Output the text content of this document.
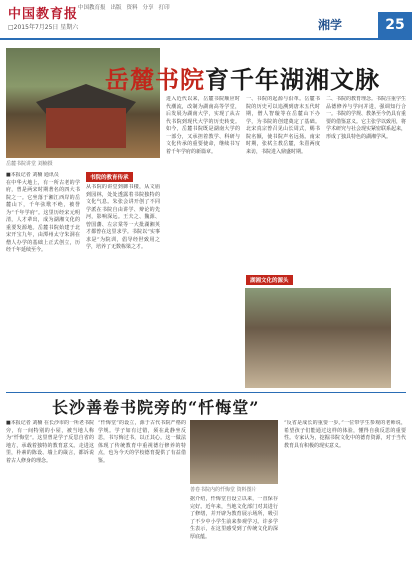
中国教育报
□2015年7月25日 星期六
中国教育报 出版 资料 分享 打印
湘学	25
岳麓书院讲堂 刘楠摄
岳麓书院育千年湖湘文脉
■本报记者 刘楠 通讯员
在中华大地上，有一所古老的学府，曾是两宋时期著名的四大书院之一。它坐落于湘江西岸的岳麓山下，千年弦歌不绝，被誉为“千年学府”。这里历经宋元明清，人才辈出，成为湖湘文化的重要发源地。岳麓书院始建于北宋开宝九年，由潭州太守朱洞在僧人办学的基础上正式创立，历经千年延续至今。
书院的教育传承
从书院的讲堂到御书楼，从文庙到园林，处处透露着书院独特的文化气息。朱张会讲开创了不同学派在书院自由讲学、辩论的先河，影响深远。王夫之、魏源、曾国藩、左宗棠等一大批湖湘英才都曾在这里求学。书院以“实事求是”为院训，倡导经世致用之学，培养了无数栋梁之才。
进入近代以来，岳麓书院顺应时代潮流，改制为湖南高等学堂，后发展为湖南大学，实现了从古代书院到现代大学的历史转变。如今，岳麓书院既是湖南大学的一部分，又承担着教学、科研与文化传承的重要使命，继续书写着千年学府的新篇章。
一、书院的起源与沿革。岳麓书院的历史可以追溯到唐末五代时期，僧人智璇等在岳麓山下办学，为书院的创建奠定了基础。北宋真宗曾召见山长周式，赐书院名额，使书院声名远扬。南宋时期，张栻主教岳麓，朱熹两度来访，书院进入鼎盛时期。
二、书院的教育理念。书院注重学生品德修养与学问并进，强调知行合一。书院的学规、教条至今仍具有重要的借鉴意义。它主张学以致用，将学术研究与社会现实紧密联系起来，形成了独具特色的湖湘学风。
湖湘文化的源头
长沙善卷书院旁的“忏悔堂”
■本报记者 刘楠 在长沙市的一所老书院旁，有一间特别的小屋，被当地人称为“忏悔堂”。这里曾是学子反思自省的地方，承载着独特的教育意义。走进这里，朴素的陈设、墙上的箴言，都诉说着古人修身的理念。
“忏悔堂”的设立，源于古代书院严格的学规。学子如有过错，须在此静坐反思，书写悔过书，以正其心。这一做法体现了传统教育中重视德行修养的特点，也为今天的学校德育提供了有益借鉴。
善卷书院内的忏悔堂 资料图片
据介绍，忏悔堂自设立以来，一直保存完好。近年来，当地文化部门对其进行了修缮，并开辟为教育展示场所，吸引了不少中小学生前来参观学习。许多学生表示，在这里感受到了传统文化的深厚底蕴。
“反省是成长的重要一步。”一位带学生参观的老师说，希望孩子们能通过这样的体验，懂得自我反思的重要性。专家认为，挖掘书院文化中的德育资源，对于当代教育具有积极的现实意义。
